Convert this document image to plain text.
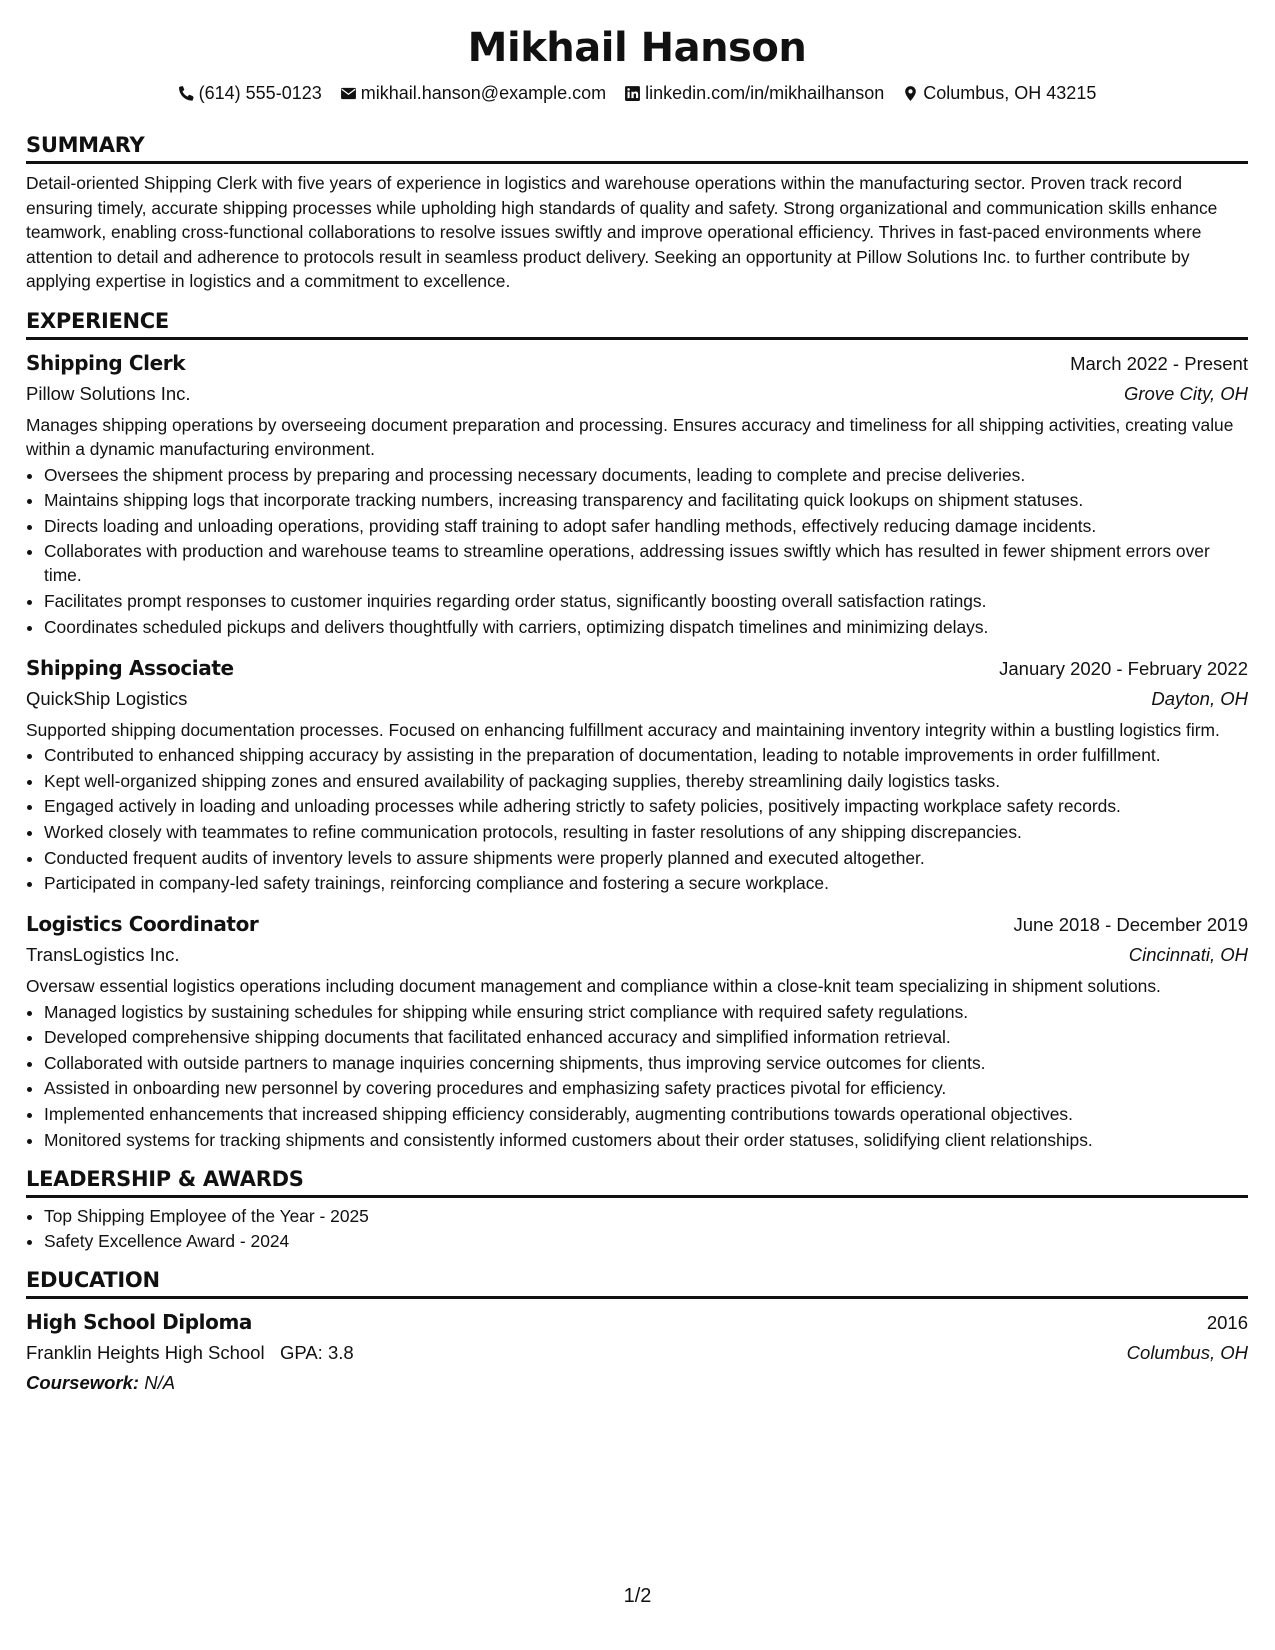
Mikhail Hanson
(614) 555-0123 mikhail.hanson@example.com linkedin.com/in/mikhailhanson Columbus, OH 43215
SUMMARY

Detail-oriented Shipping Clerk with five years of experience in logistics and warehouse operations within the manufacturing sector. Proven track record ensuring timely, accurate shipping processes while upholding high standards of quality and safety. Strong organizational and communication skills enhance teamwork, enabling cross-functional collaborations to resolve issues swiftly and improve operational efficiency. Thrives in fast-paced environments where attention to detail and adherence to protocols result in seamless product delivery. Seeking an opportunity at Pillow Solutions Inc. to further contribute by applying expertise in logistics and a commitment to excellence.

EXPERIENCE
Shipping Clerk	March 2022 - Present
Pillow Solutions Inc.	Grove City, OH

Manages shipping operations by overseeing document preparation and processing. Ensures accuracy and timeliness for all shipping activities, creating value within a dynamic manufacturing environment.

• Oversees the shipment process by preparing and processing necessary documents, leading to complete and precise deliveries.
• Maintains shipping logs that incorporate tracking numbers, increasing transparency and facilitating quick lookups on shipment statuses.
• Directs loading and unloading operations, providing staff training to adopt safer handling methods, effectively reducing damage incidents.
• Collaborates with production and warehouse teams to streamline operations, addressing issues swiftly which has resulted in fewer shipment errors over time.
• Facilitates prompt responses to customer inquiries regarding order status, significantly boosting overall satisfaction ratings.
• Coordinates scheduled pickups and delivers thoughtfully with carriers, optimizing dispatch timelines and minimizing delays.
Shipping Associate	January 2020 - February 2022
QuickShip Logistics	Dayton, OH

Supported shipping documentation processes. Focused on enhancing fulfillment accuracy and maintaining inventory integrity within a bustling logistics firm.

• Contributed to enhanced shipping accuracy by assisting in the preparation of documentation, leading to notable improvements in order fulfillment.
• Kept well-organized shipping zones and ensured availability of packaging supplies, thereby streamlining daily logistics tasks.
• Engaged actively in loading and unloading processes while adhering strictly to safety policies, positively impacting workplace safety records.
• Worked closely with teammates to refine communication protocols, resulting in faster resolutions of any shipping discrepancies.
• Conducted frequent audits of inventory levels to assure shipments were properly planned and executed altogether.
• Participated in company-led safety trainings, reinforcing compliance and fostering a secure workplace.
Logistics Coordinator	June 2018 - December 2019
TransLogistics Inc.	Cincinnati, OH

Oversaw essential logistics operations including document management and compliance within a close-knit team specializing in shipment solutions.

• Managed logistics by sustaining schedules for shipping while ensuring strict compliance with required safety regulations.
• Developed comprehensive shipping documents that facilitated enhanced accuracy and simplified information retrieval.
• Collaborated with outside partners to manage inquiries concerning shipments, thus improving service outcomes for clients.
• Assisted in onboarding new personnel by covering procedures and emphasizing safety practices pivotal for efficiency.
• Implemented enhancements that increased shipping efficiency considerably, augmenting contributions towards operational objectives.
• Monitored systems for tracking shipments and consistently informed customers about their order statuses, solidifying client relationships.
LEADERSHIP & AWARDS
• Top Shipping Employee of the Year - 2025
• Safety Excellence Award - 2024
EDUCATION
High School Diploma	2016
Franklin Heights High School GPA: 3.8	Columbus, OH
Coursework: N/A
1/2
